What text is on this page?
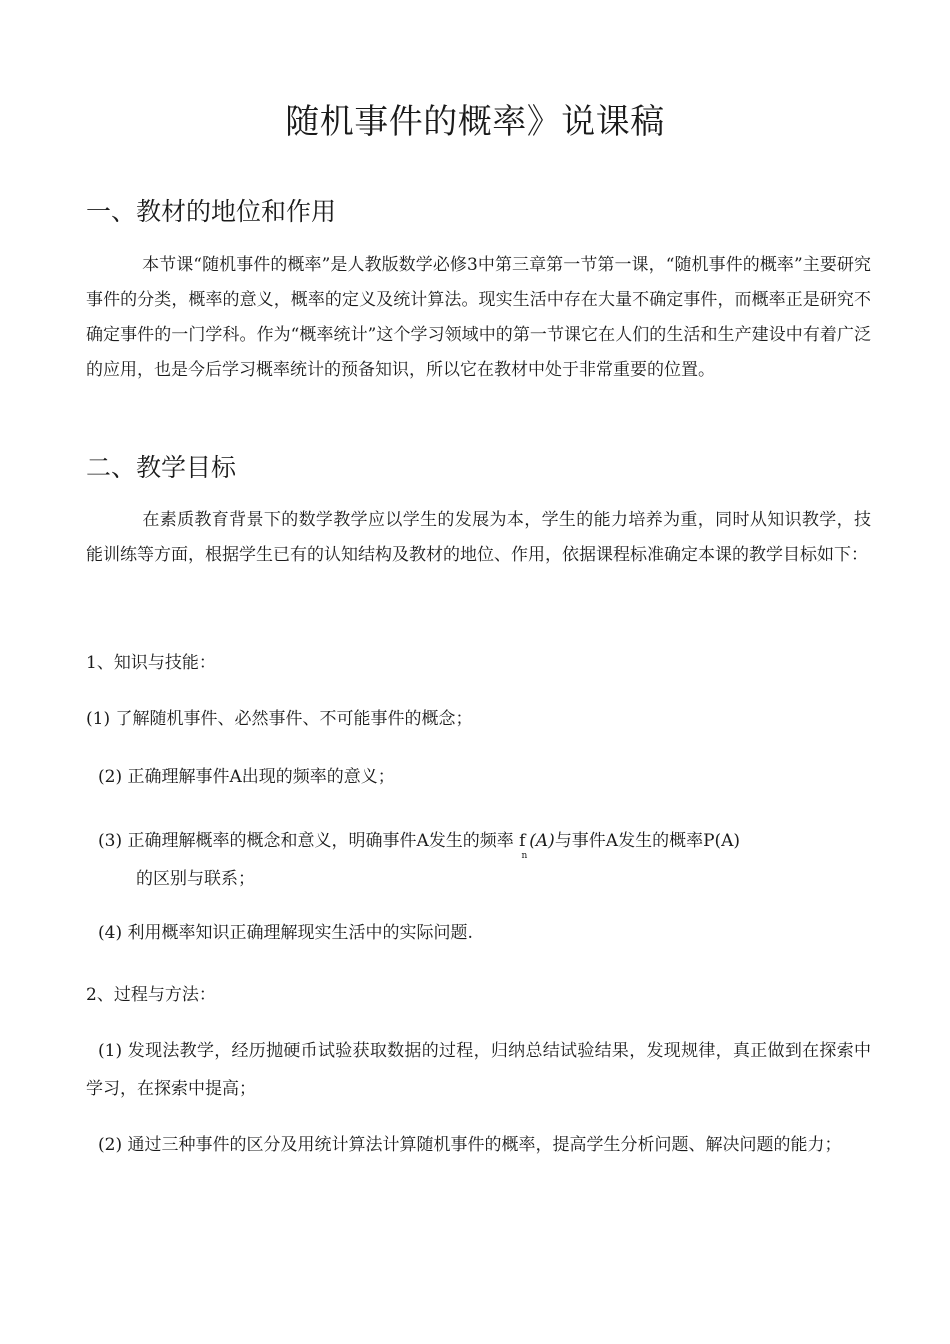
随机事件的概率》说课稿
一、教材的地位和作用
本节课“随机事件的概率”是人教版数学必修3中第三章第一节第一课，“随机事件的概率”主要研究事件的分类，概率的意义，概率的定义及统计算法。现实生活中存在大量不确定事件，而概率正是研究不确定事件的一门学科。作为“概率统计”这个学习领域中的第一节课它在人们的生活和生产建设中有着广泛的应用，也是今后学习概率统计的预备知识，所以它在教材中处于非常重要的位置。
二、教学目标
在素质教育背景下的数学教学应以学生的发展为本，学生的能力培养为重，同时从知识教学，技能训练等方面，根据学生已有的认知结构及教材的地位、作用，依据课程标准确定本课的教学目标如下：
1、知识与技能：
(1) 了解随机事件、必然事件、不可能事件的概念；
(2) 正确理解事件A出现的频率的意义；
(3) 正确理解概率的概念和意义，明确事件A发生的频率 $f_n(A)$与事件A发生的概率P(A)
的区别与联系；
(4) 利用概率知识正确理解现实生活中的实际问题.
2、过程与方法：
(1) 发现法教学，经历抛硬币试验获取数据的过程，归纳总结试验结果，发现规律，真正做到在探索中学习，在探索中提高；
(2) 通过三种事件的区分及用统计算法计算随机事件的概率，提高学生分析问题、解决问题的能力；
